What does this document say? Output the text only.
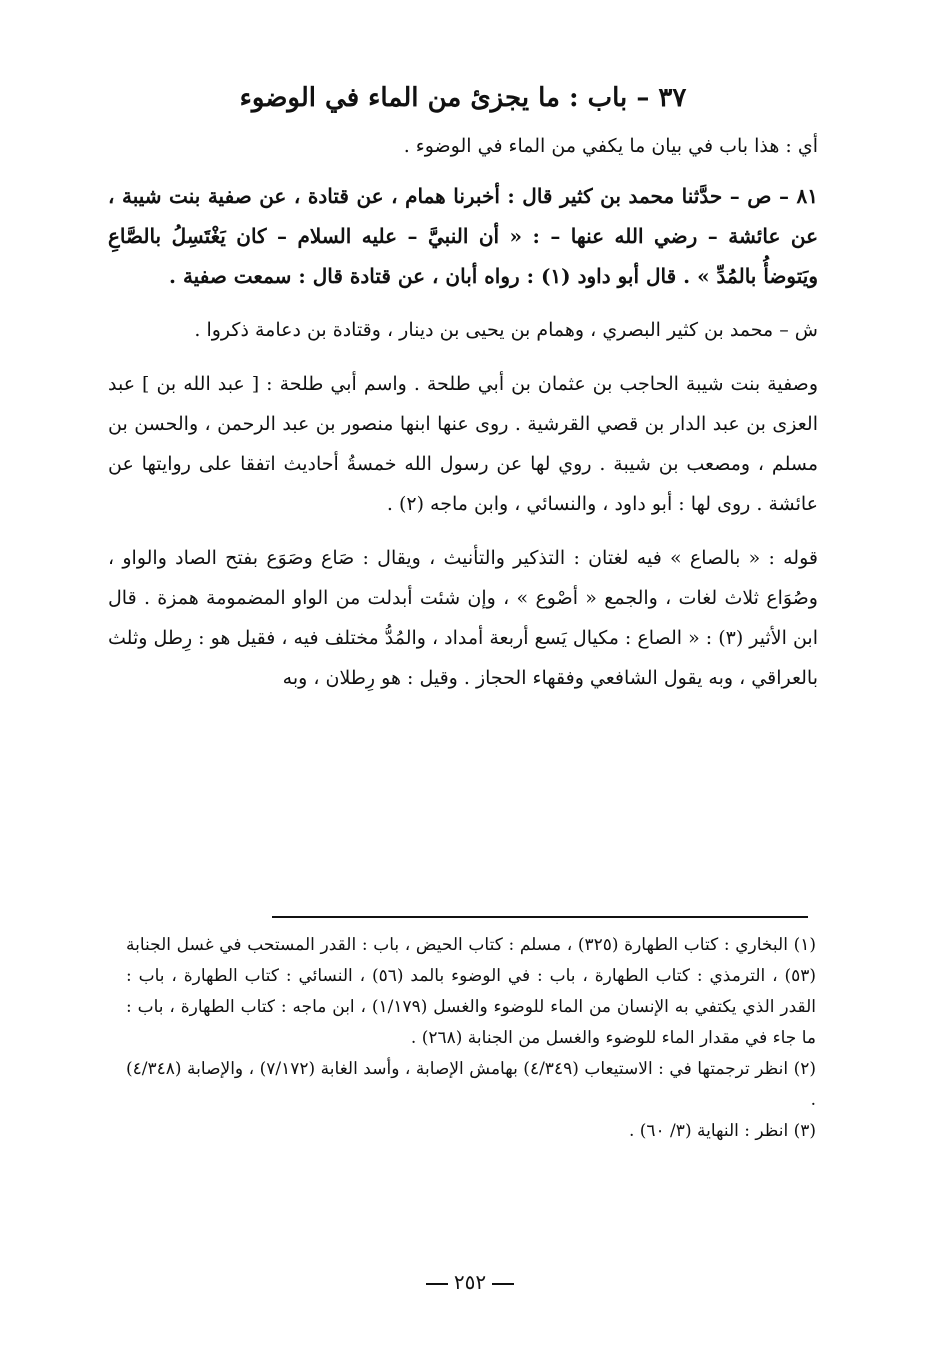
٣٧ – باب : ما يجزئ من الماء في الوضوء

أي : هذا باب في بيان ما يكفي من الماء في الوضوء .

٨١ – ص – حدَّثنا محمد بن كثير قال : أخبرنا همام ، عن قتادة ، عن صفية بنت شيبة ، عن عائشة – رضي الله عنها – : « أن النبيَّ – عليه السلام – كان يَغْتَسِلُ بالصَّاعِ ويَتوضأُ بالمُدِّ » . قال أبو داود (١) : رواه أبان ، عن قتادة قال : سمعت صفية .

ش – محمد بن كثير البصري ، وهمام بن يحيى بن دينار ، وقتادة بن دعامة ذكروا .

وصفية بنت شيبة الحاجب بن عثمان بن أبي طلحة . واسم أبي طلحة : [ عبد الله بن ] عبد العزى بن عبد الدار بن قصي القرشية . روى عنها ابنها منصور بن عبد الرحمن ، والحسن بن مسلم ، ومصعب بن شيبة . روي لها عن رسول الله خمسةُ أحاديث اتفقا على روايتها عن عائشة . روى لها : أبو داود ، والنسائي ، وابن ماجه (٢) .

قوله : « بالصاع » فيه لغتان : التذكير والتأنيث ، ويقال : صَاع وصَوَع بفتح الصاد والواو ، وصُوَاع ثلاث لغات ، والجمع « أصْوع » ، وإن شئت أبدلت من الواو المضمومة همزة . قال ابن الأثير (٣) : « الصاع : مكيال يَسع أربعة أمداد ، والمُدُّ مختلف فيه ، فقيل هو : رِطل وثلث بالعراقي ، وبه يقول الشافعي وفقهاء الحجاز . وقيل : هو رِطلان ، وبه

(١) البخاري : كتاب الطهارة (٣٢٥) ، مسلم : كتاب الحيض ، باب : القدر المستحب في غسل الجنابة (٥٣) ، الترمذي : كتاب الطهارة ، باب : في الوضوء بالمد (٥٦) ، النسائي : كتاب الطهارة ، باب : القدر الذي يكتفي به الإنسان من الماء للوضوء والغسل (١/١٧٩) ، ابن ماجه : كتاب الطهارة ، باب : ما جاء في مقدار الماء للوضوء والغسل من الجنابة (٢٦٨) .

(٢) انظر ترجمتها في : الاستيعاب (٤/٣٤٩) بهامش الإصابة ، وأسد الغابة (٧/١٧٢) ، والإصابة (٤/٣٤٨) .

(٣) انظر : النهاية (٣/ ٦٠) .

٢٥٢
